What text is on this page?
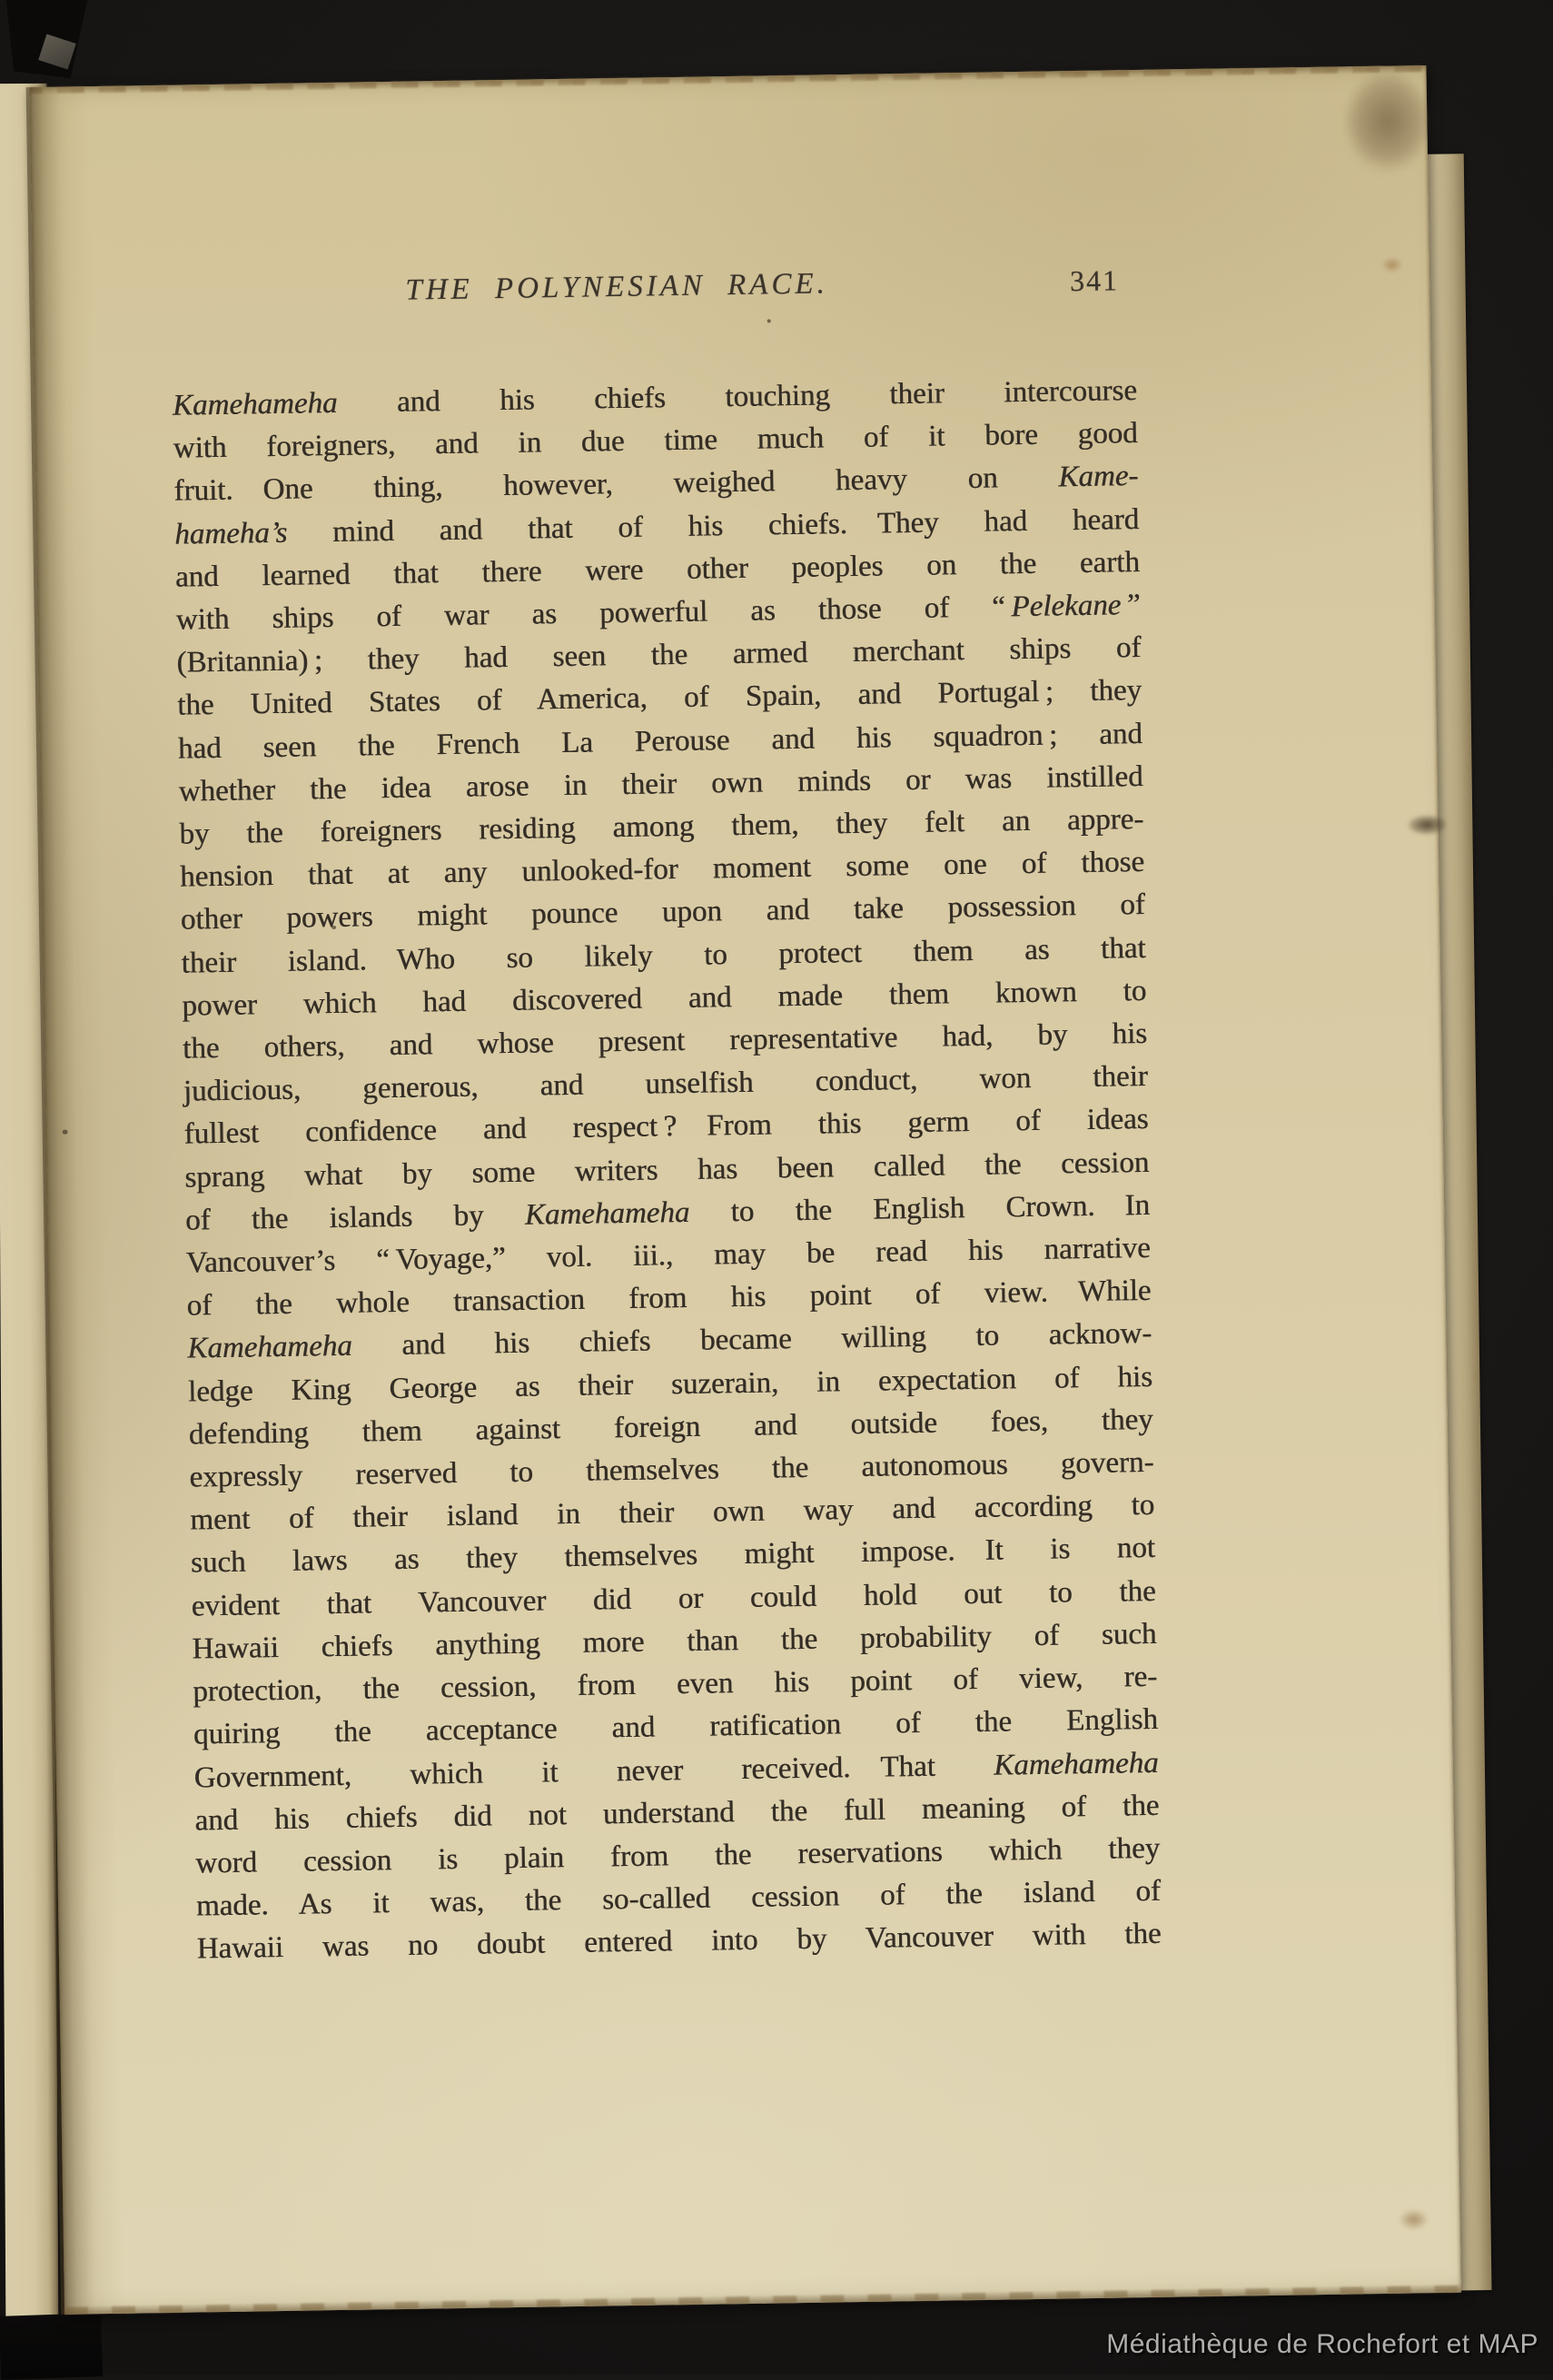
THE POLYNESIAN RACE.	341
Kamehameha and his chiefs touching their intercourse
with foreigners, and in due time much of it bore good
fruit.  One thing, however, weighed heavy on Kame-
hameha’s mind and that of his chiefs.  They had heard
and learned that there were other peoples on the earth
with ships of war as powerful as those of “ Pelekane ”
(Britannia) ; they had seen the armed merchant ships of
the United States of America, of Spain, and Portugal ; they
had seen the French La Perouse and his squadron ; and
whether the idea arose in their own minds or was instilled
by the foreigners residing among them, they felt an appre-
hension that at any unlooked-for moment some one of those
other powers might pounce upon and take possession of
their island.  Who so likely to protect them as that
power which had discovered and made them known to
the others, and whose present representative had, by his
judicious, generous, and unselfish conduct, won their
fullest confidence and respect ?  From this germ of ideas
sprang what by some writers has been called the cession
of the islands by Kamehameha to the English Crown.  In
Vancouver’s “ Voyage,” vol. iii., may be read his narrative
of the whole transaction from his point of view.  While
Kamehameha and his chiefs became willing to acknow-
ledge King George as their suzerain, in expectation of his
defending them against foreign and outside foes, they
expressly reserved to themselves the autonomous govern-
ment of their island in their own way and according to
such laws as they themselves might impose.  It is not
evident that Vancouver did or could hold out to the
Hawaii chiefs anything more than the probability of such
protection, the cession, from even his point of view, re-
quiring the acceptance and ratification of the English
Government, which it never received.  That Kamehameha
and his chiefs did not understand the full meaning of the
word cession is plain from the reservations which they
made.  As it was, the so-called cession of the island of
Hawaii was no doubt entered into by Vancouver with the
Médiathèque de Rochefort et MAP
